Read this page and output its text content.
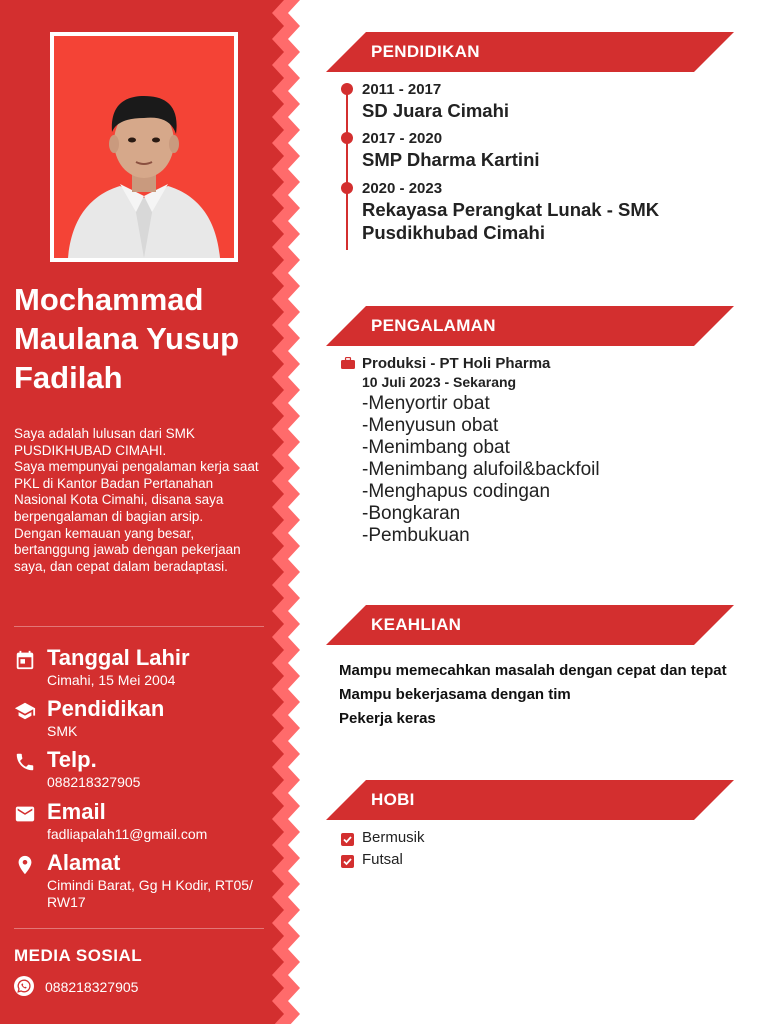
Mochammad Maulana Yusup Fadilah

Saya adalah lulusan dari SMK PUSDIKHUBAD CIMAHI.
Saya mempunyai pengalaman kerja saat PKL di Kantor Badan Pertanahan Nasional Kota Cimahi, disana saya berpengalaman di bagian arsip.
Dengan kemauan yang besar, bertanggung jawab dengan pekerjaan saya, dan cepat dalam beradaptasi.

Tanggal Lahir
Cimahi, 15 Mei 2004
Pendidikan
SMK
Telp.
088218327905
Email
fadliapalah11@gmail.com
Alamat
Cimindi Barat, Gg H Kodir, RT05/ RW17
MEDIA SOSIAL
088218327905
PENDIDIKAN

2011 - 2017

SD Juara Cimahi

2017 - 2020

SMP Dharma Kartini

2020 - 2023

Rekayasa Perangkat Lunak - SMK Pusdikhubad Cimahi

PENGALAMAN

Produksi - PT Holi Pharma

10 Juli 2023 - Sekarang

-Menyortir obat
-Menyusun obat
-Menimbang obat
-Menimbang alufoil&backfoil
-Menghapus codingan
-Bongkaran
-Pembukuan
KEAHLIAN
Mampu memecahkan masalah dengan cepat dan tepat
Mampu bekerjasama dengan tim
Pekerja keras
HOBI
Bermusik
Futsal
